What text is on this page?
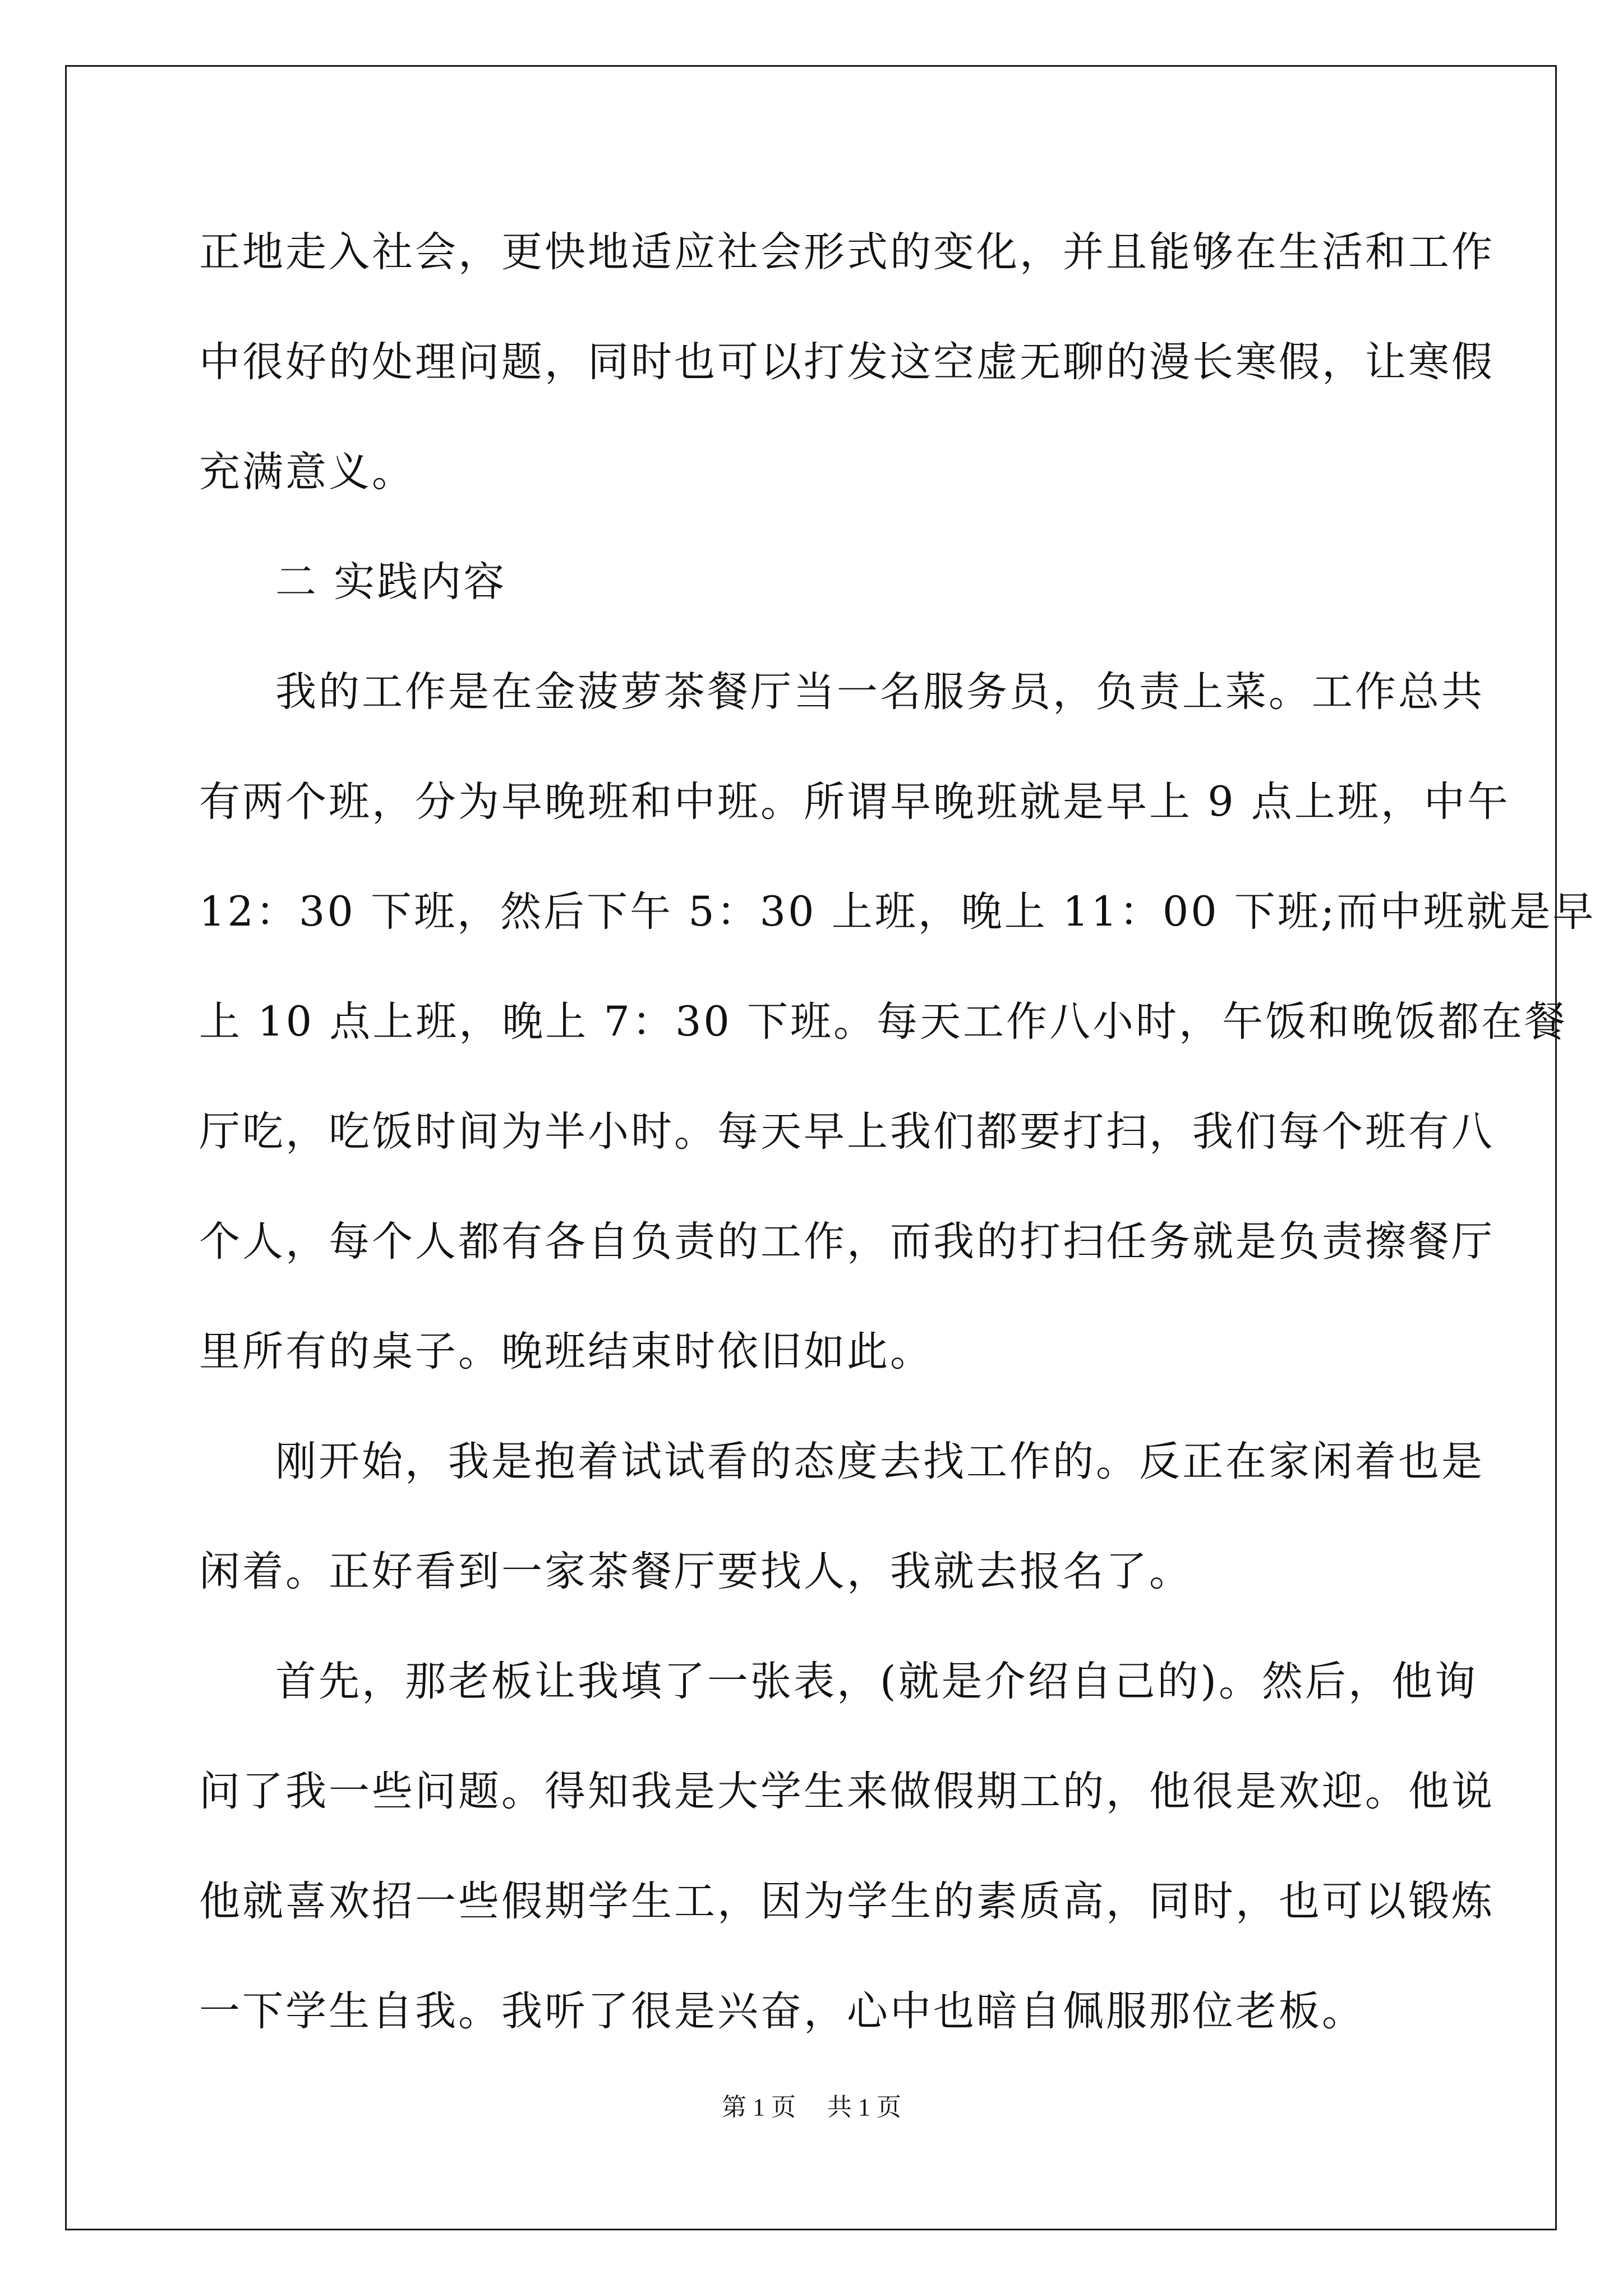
正地走入社会，更快地适应社会形式的变化，并且能够在生活和工作
中很好的处理问题，同时也可以打发这空虚无聊的漫长寒假，让寒假
充满意义。
二 实践内容
我的工作是在金菠萝茶餐厅当一名服务员，负责上菜。工作总共
有两个班，分为早晚班和中班。所谓早晚班就是早上 9 点上班，中午
12：30 下班，然后下午 5：30 上班，晚上 11：00 下班;而中班就是早
上 10 点上班，晚上 7：30 下班。每天工作八小时，午饭和晚饭都在餐
厅吃，吃饭时间为半小时。每天早上我们都要打扫，我们每个班有八
个人，每个人都有各自负责的工作，而我的打扫任务就是负责擦餐厅
里所有的桌子。晚班结束时依旧如此。
刚开始，我是抱着试试看的态度去找工作的。反正在家闲着也是
闲着。正好看到一家茶餐厅要找人，我就去报名了。
首先，那老板让我填了一张表，(就是介绍自己的)。然后，他询
问了我一些问题。得知我是大学生来做假期工的，他很是欢迎。他说
他就喜欢招一些假期学生工，因为学生的素质高，同时，也可以锻炼
一下学生自我。我听了很是兴奋，心中也暗自佩服那位老板。
第 1 页 共 1 页
